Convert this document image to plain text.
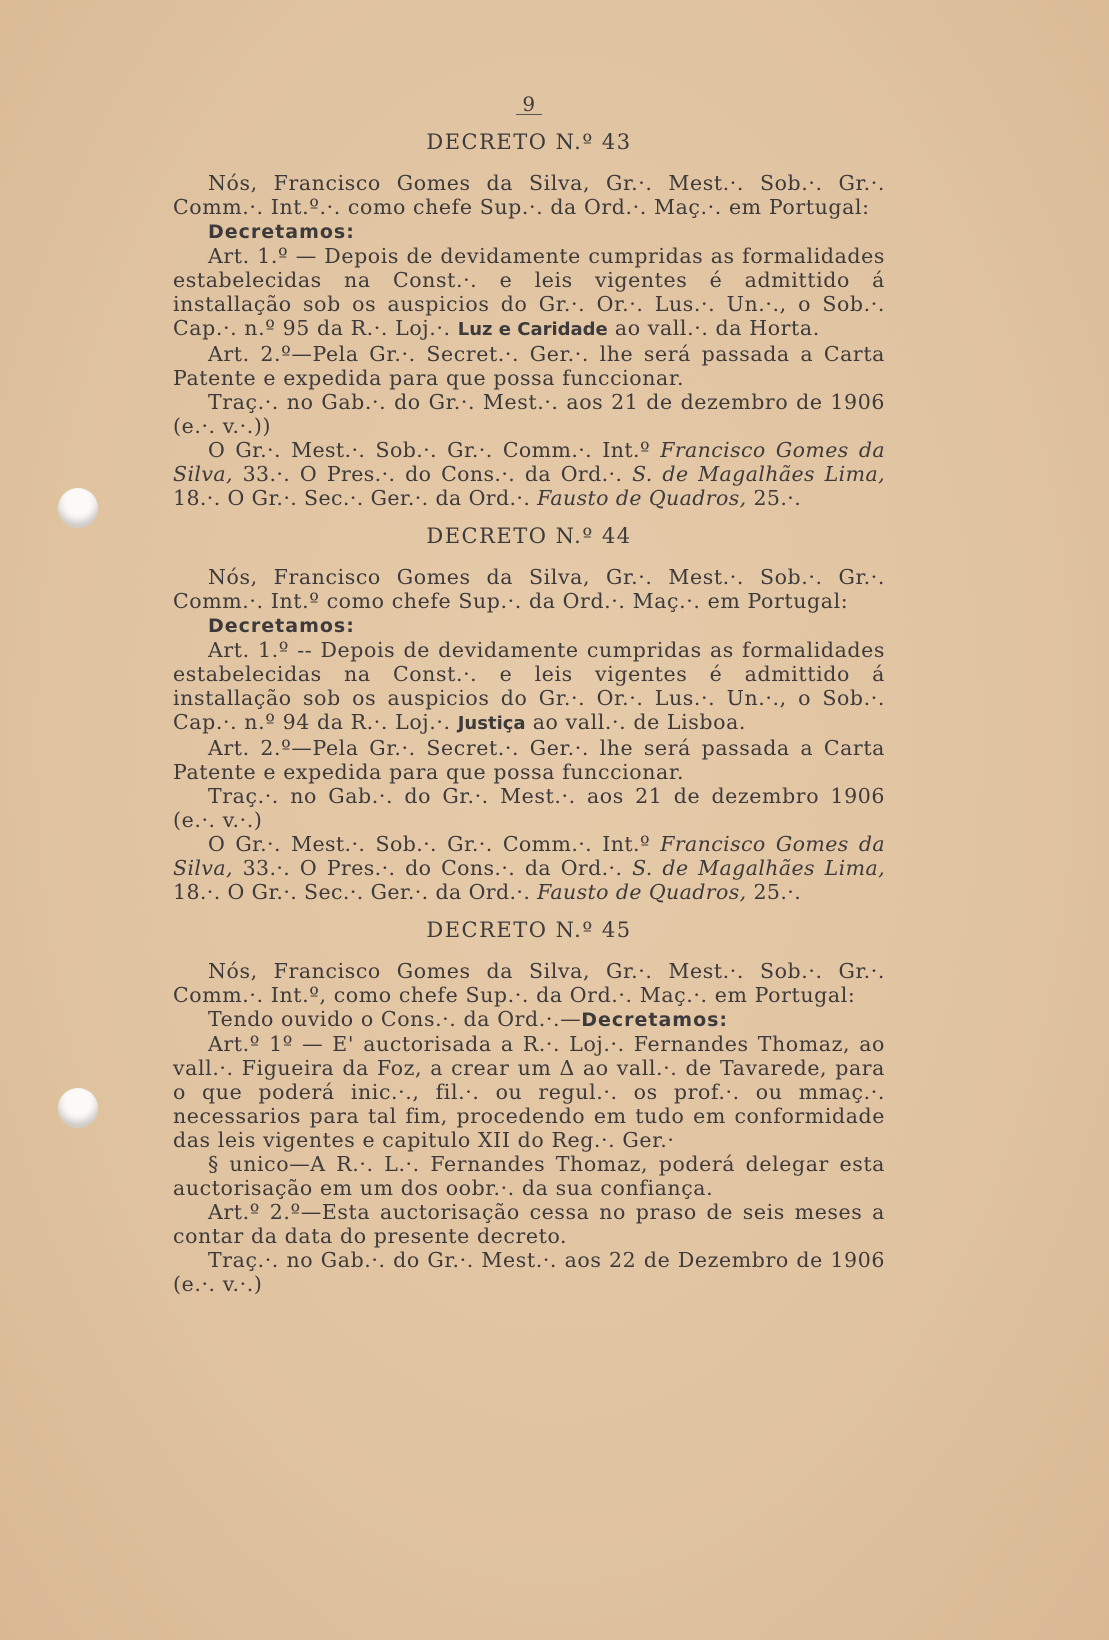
9
DECRETO N.º 43

Nós, Francisco Gomes da Silva, Gr.·. Mest.·. Sob.·. Gr.·. Comm.·. Int.º.·. como chefe Sup.·. da Ord.·. Maç.·. em Portugal:

Decretamos:

Art. 1.º — Depois de devidamente cumpridas as formalidades estabelecidas na Const.·. e leis vigentes é admittido á installação sob os auspicios do Gr.·. Or.·. Lus.·. Un.·., o Sob.·. Cap.·. n.º 95 da R.·. Loj.·. Luz e Caridade ao vall.·. da Horta.

Art. 2.º—Pela Gr.·. Secret.·. Ger.·. lhe será passada a Carta Patente e expedida para que possa funccionar.

Traç.·. no Gab.·. do Gr.·. Mest.·. aos 21 de dezembro de 1906 (e.·. v.·.))

O Gr.·. Mest.·. Sob.·. Gr.·. Comm.·. Int.º Francisco Gomes da Silva, 33.·. O Pres.·. do Cons.·. da Ord.·. S. de Magalhães Lima, 18.·. O Gr.·. Sec.·. Ger.·. da Ord.·. Fausto de Quadros, 25.·.

DECRETO N.º 44

Nós, Francisco Gomes da Silva, Gr.·. Mest.·. Sob.·. Gr.·. Comm.·. Int.º como chefe Sup.·. da Ord.·. Maç.·. em Portugal:

Decretamos:

Art. 1.º -- Depois de devidamente cumpridas as formalidades estabelecidas na Const.·. e leis vigentes é admittido á installação sob os auspicios do Gr.·. Or.·. Lus.·. Un.·., o Sob.·. Cap.·. n.º 94 da R.·. Loj.·. Justiça ao vall.·. de Lisboa.

Art. 2.º—Pela Gr.·. Secret.·. Ger.·. lhe será passada a Carta Patente e expedida para que possa funccionar.

Traç.·. no Gab.·. do Gr.·. Mest.·. aos 21 de dezembro 1906 (e.·. v.·.)

O Gr.·. Mest.·. Sob.·. Gr.·. Comm.·. Int.º Francisco Gomes da Silva, 33.·. O Pres.·. do Cons.·. da Ord.·. S. de Magalhães Lima, 18.·. O Gr.·. Sec.·. Ger.·. da Ord.·. Fausto de Quadros, 25.·.

DECRETO N.º 45

Nós, Francisco Gomes da Silva, Gr.·. Mest.·. Sob.·. Gr.·. Comm.·. Int.º, como chefe Sup.·. da Ord.·. Maç.·. em Portugal:

Tendo ouvido o Cons.·. da Ord.·.—Decretamos:

Art.º 1º — E' auctorisada a R.·. Loj.·. Fernandes Thomaz, ao vall.·. Figueira da Foz, a crear um Δ ao vall.·. de Tavarede, para o que poderá inic.·., fil.·. ou regul.·. os prof.·. ou mmaç.·. necessarios para tal fim, procedendo em tudo em conformidade das leis vigentes e capitulo XII do Reg.·. Ger.·

§ unico—A R.·. L.·. Fernandes Thomaz, poderá delegar esta auctorisação em um dos oobr.·. da sua confiança.

Art.º 2.º—Esta auctorisação cessa no praso de seis meses a contar da data do presente decreto.

Traç.·. no Gab.·. do Gr.·. Mest.·. aos 22 de Dezembro de 1906 (e.·. v.·.)
